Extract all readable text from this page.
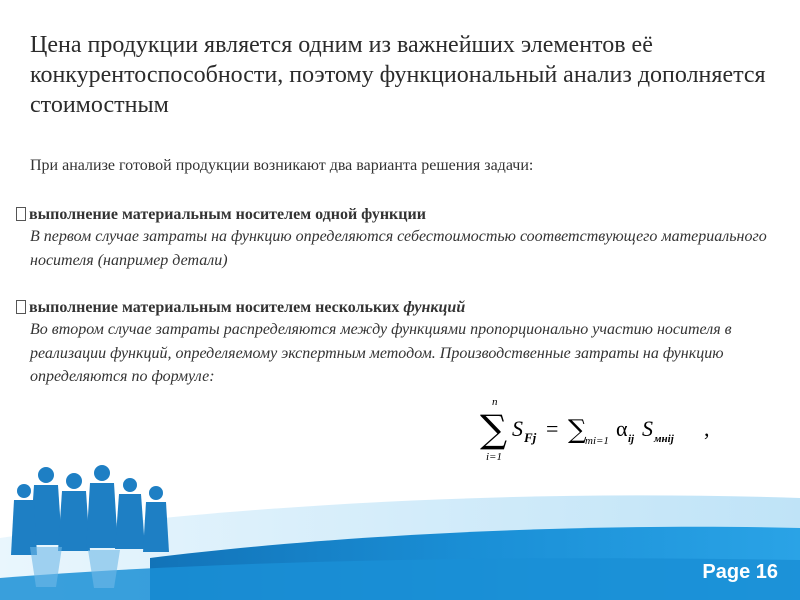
Цена продукции является одним из важнейших элементов её конкурентоспособности, поэтому функциональный анализ дополняется стоимостным
При анализе готовой продукции возникают два варианта решения задачи:
выполнение материальным носителем одной функции
В первом случае затраты на функцию определяются себестоимостью соответствующего материального носителя (например детали)
выполнение материальным носителем нескольких функций
Во втором случае затраты распределяются между функциями пропорционально участию носителя в реализации функций, определяемому экспертным методом. Производственные затраты на функцию определяются по формуле:
n
∑
i=1
S Fj = ∑
mi=1 α ij S мнij ,
Page 16
